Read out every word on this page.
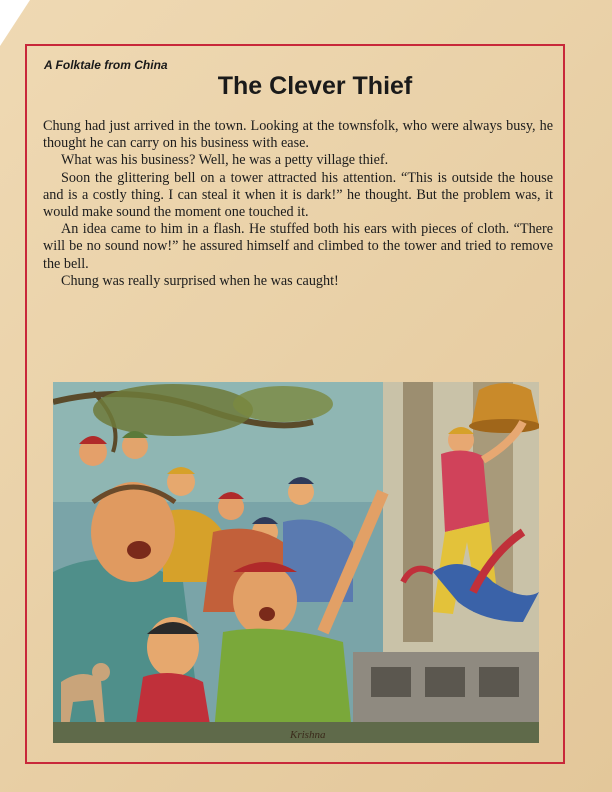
A Folktale from China
The Clever Thief

Chung had just arrived in the town. Looking at the townsfolk, who were always busy, he thought he can carry on his business with ease.

What was his business? Well, he was a petty village thief.

Soon the glittering bell on a tower attracted his attention. “This is outside the house and is a costly thing. I can steal it when it is dark!” he thought. But the problem was, it would make sound the moment one touched it.

An idea came to him in a flash. He stuffed both his ears with pieces of cloth. “There will be no sound now!” he assured himself and climbed to the tower and tried to remove the bell.

Chung was really surprised when he was caught!

Krishna
